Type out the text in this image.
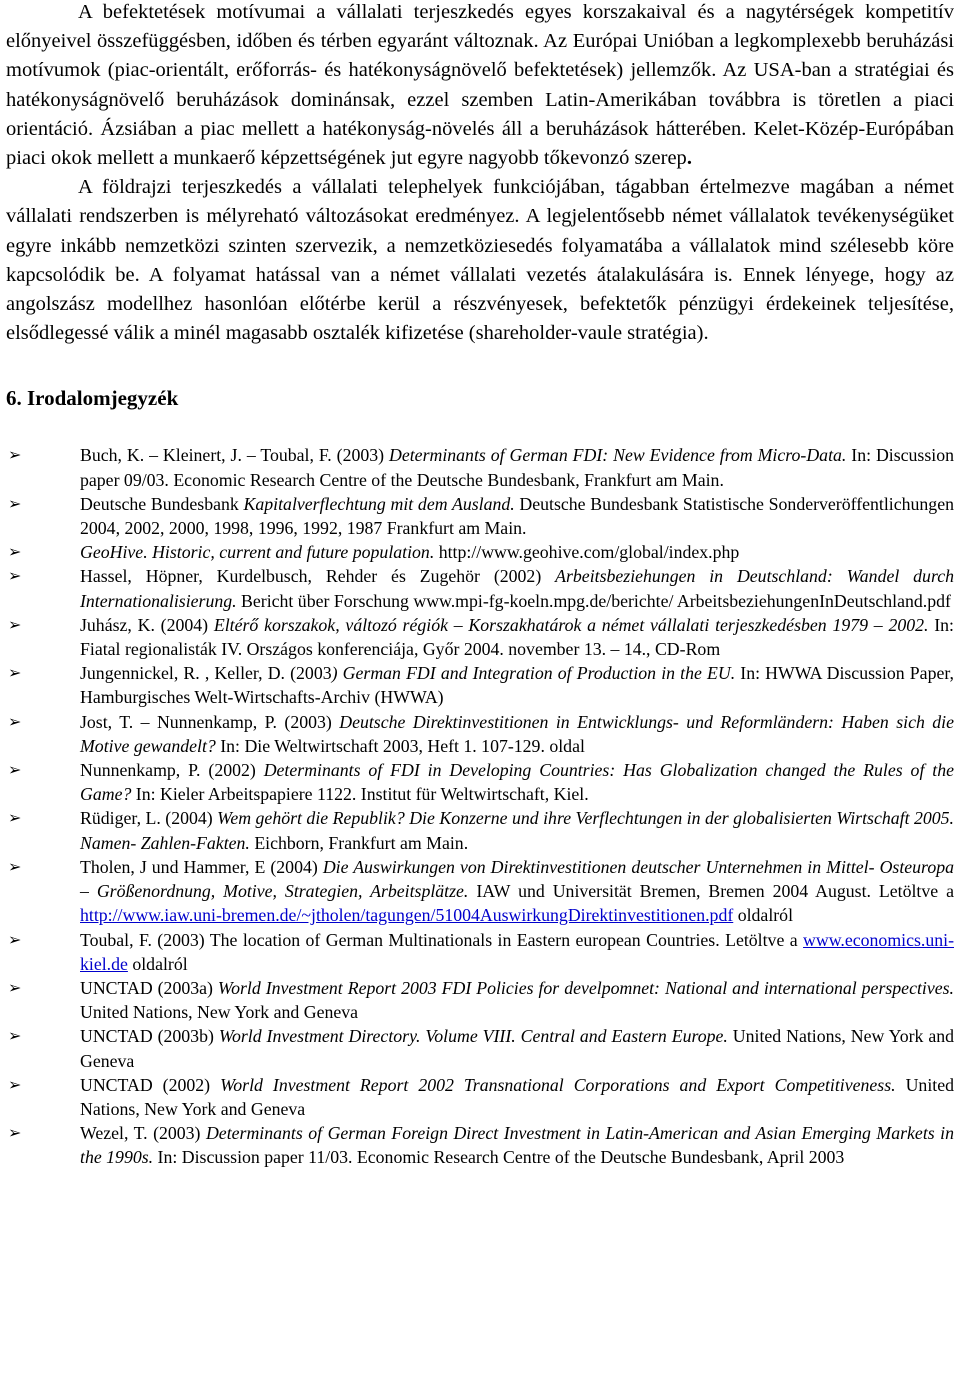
A befektetések motívumai a vállalati terjeszkedés egyes korszakaival és a nagytérségek kompetitív előnyeivel összefüggésben, időben és térben egyaránt változnak. Az Európai Unióban a legkomplexebb beruházási motívumok (piac-orientált, erőforrás- és hatékonyságnövelő befektetések) jellemzők. Az USA-ban a stratégiai és hatékonyságnövelő beruházások dominánsak, ezzel szemben Latin-Amerikában továbbra is töretlen a piaci orientáció. Ázsiában a piac mellett a hatékonyság-növelés áll a beruházások hátterében. Kelet-Közép-Európában piaci okok mellett a munkaerő képzettségének jut egyre nagyobb tőkevonzó szerep.

A földrajzi terjeszkedés a vállalati telephelyek funkciójában, tágabban értelmezve magában a német vállalati rendszerben is mélyreható változásokat eredményez. A legjelentősebb német vállalatok tevékenységüket egyre inkább nemzetközi szinten szervezik, a nemzetköziesedés folyamatába a vállalatok mind szélesebb köre kapcsolódik be. A folyamat hatással van a német vállalati vezetés átalakulására is. Ennek lényege, hogy az angolszász modellhez hasonlóan előtérbe kerül a részvényesek, befektetők pénzügyi érdekeinek teljesítése, elsődlegessé válik a minél magasabb osztalék kifizetése (shareholder-vaule stratégia).

6. Irodalomjegyzék
➢	Buch, K. ‒ Kleinert, J. ‒ Toubal, F. (2003) Determinants of German FDI: New Evidence from Micro-Data. In: Discussion paper 09/03. Economic Research Centre of the Deutsche Bundesbank, Frankfurt am Main.
➢	Deutsche Bundesbank Kapitalverflechtung mit dem Ausland. Deutsche Bundesbank Statistische Sonderveröffentlichungen 2004, 2002, 2000, 1998, 1996, 1992, 1987 Frankfurt am Main.
➢	GeoHive. Historic, current and future population. http://www.geohive.com/global/index.php
➢	Hassel, Höpner, Kurdelbusch, Rehder és Zugehör (2002) Arbeitsbeziehungen in Deutschland: Wandel durch Internationalisierung. Bericht über Forschung www.mpi-fg-koeln.mpg.de/berichte/ ArbeitsbeziehungenInDeutschland.pdf
➢	Juhász, K. (2004) Eltérő korszakok, változó régiók ‒ Korszakhatárok a német vállalati terjeszkedésben 1979 ‒ 2002. In: Fiatal regionalisták IV. Országos konferenciája, Győr 2004. november 13. ‒ 14., CD-Rom
➢	Jungennickel, R. , Keller, D. (2003) German FDI and Integration of Production in the EU. In: HWWA Discussion Paper, Hamburgisches Welt-Wirtschafts-Archiv (HWWA)
➢	Jost, T. ‒ Nunnenkamp, P. (2003) Deutsche Direktinvestitionen in Entwicklungs- und Reformländern: Haben sich die Motive gewandelt? In: Die Weltwirtschaft 2003, Heft 1. 107-129. oldal
➢	Nunnenkamp, P. (2002) Determinants of FDI in Developing Countries: Has Globalization changed the Rules of the Game? In: Kieler Arbeitspapiere 1122. Institut für Weltwirtschaft, Kiel.
➢	Rüdiger, L. (2004) Wem gehört die Republik? Die Konzerne und ihre Verflechtungen in der globalisierten Wirtschaft 2005. Namen- Zahlen-Fakten. Eichborn, Frankfurt am Main.
➢	Tholen, J und Hammer, E (2004) Die Auswirkungen von Direktinvestitionen deutscher Unternehmen in Mittel- Osteuropa ‒ Größenordnung, Motive, Strategien, Arbeitsplätze. IAW und Universität Bremen, Bremen 2004 August. Letöltve a http://www.iaw.uni-bremen.de/~jtholen/tagungen/51004AuswirkungDirektinvestitionen.pdf oldalról
➢	Toubal, F. (2003) The location of German Multinationals in Eastern european Countries. Letöltve a www.economics.uni-kiel.de oldalról
➢	UNCTAD (2003a) World Investment Report 2003 FDI Policies for develpomnet: National and international perspectives. United Nations, New York and Geneva
➢	UNCTAD (2003b) World Investment Directory. Volume VIII. Central and Eastern Europe. United Nations, New York and Geneva
➢	UNCTAD (2002) World Investment Report 2002 Transnational Corporations and Export Competitiveness. United Nations, New York and Geneva
➢	Wezel, T. (2003) Determinants of German Foreign Direct Investment in Latin-American and Asian Emerging Markets in the 1990s. In: Discussion paper 11/03. Economic Research Centre of the Deutsche Bundesbank, April 2003
